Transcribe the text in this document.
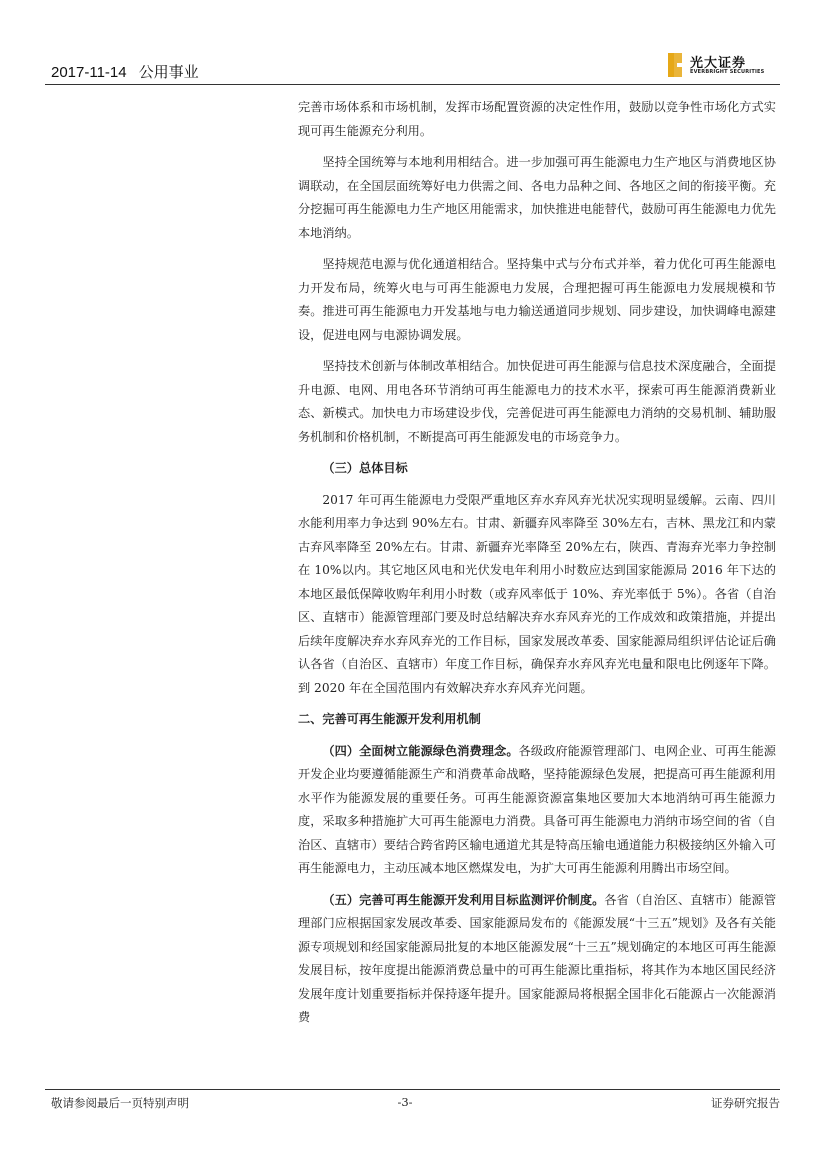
2017-11-14 公用事业
光大证券
EVERBRIGHT SECURITIES

完善市场体系和市场机制，发挥市场配置资源的决定性作用，鼓励以竞争性市场化方式实现可再生能源充分利用。

坚持全国统筹与本地利用相结合。进一步加强可再生能源电力生产地区与消费地区协调联动，在全国层面统筹好电力供需之间、各电力品种之间、各地区之间的衔接平衡。充分挖掘可再生能源电力生产地区用能需求，加快推进电能替代，鼓励可再生能源电力优先本地消纳。

坚持规范电源与优化通道相结合。坚持集中式与分布式并举，着力优化可再生能源电力开发布局，统筹火电与可再生能源电力发展，合理把握可再生能源电力发展规模和节奏。推进可再生能源电力开发基地与电力输送通道同步规划、同步建设，加快调峰电源建设，促进电网与电源协调发展。

坚持技术创新与体制改革相结合。加快促进可再生能源与信息技术深度融合，全面提升电源、电网、用电各环节消纳可再生能源电力的技术水平，探索可再生能源消费新业态、新模式。加快电力市场建设步伐，完善促进可再生能源电力消纳的交易机制、辅助服务机制和价格机制，不断提高可再生能源发电的市场竞争力。

（三）总体目标

2017 年可再生能源电力受限严重地区弃水弃风弃光状况实现明显缓解。云南、四川水能利用率力争达到 90%左右。甘肃、新疆弃风率降至 30%左右，吉林、黑龙江和内蒙古弃风率降至 20%左右。甘肃、新疆弃光率降至 20%左右，陕西、青海弃光率力争控制在 10%以内。其它地区风电和光伏发电年利用小时数应达到国家能源局 2016 年下达的本地区最低保障收购年利用小时数（或弃风率低于 10%、弃光率低于 5%）。各省（自治区、直辖市）能源管理部门要及时总结解决弃水弃风弃光的工作成效和政策措施，并提出后续年度解决弃水弃风弃光的工作目标，国家发展改革委、国家能源局组织评估论证后确认各省（自治区、直辖市）年度工作目标，确保弃水弃风弃光电量和限电比例逐年下降。到 2020 年在全国范围内有效解决弃水弃风弃光问题。

二、完善可再生能源开发利用机制

（四）全面树立能源绿色消费理念。各级政府能源管理部门、电网企业、可再生能源开发企业均要遵循能源生产和消费革命战略，坚持能源绿色发展，把提高可再生能源利用水平作为能源发展的重要任务。可再生能源资源富集地区要加大本地消纳可再生能源力度，采取多种措施扩大可再生能源电力消费。具备可再生能源电力消纳市场空间的省（自治区、直辖市）要结合跨省跨区输电通道尤其是特高压输电通道能力积极接纳区外输入可再生能源电力，主动压减本地区燃煤发电，为扩大可再生能源利用腾出市场空间。

（五）完善可再生能源开发利用目标监测评价制度。各省（自治区、直辖市）能源管理部门应根据国家发展改革委、国家能源局发布的《能源发展“十三五”规划》及各有关能源专项规划和经国家能源局批复的本地区能源发展“十三五”规划确定的本地区可再生能源发展目标，按年度提出能源消费总量中的可再生能源比重指标，将其作为本地区国民经济发展年度计划重要指标并保持逐年提升。国家能源局将根据全国非化石能源占一次能源消费

敬请参阅最后一页特别声明	-3-	证券研究报告
